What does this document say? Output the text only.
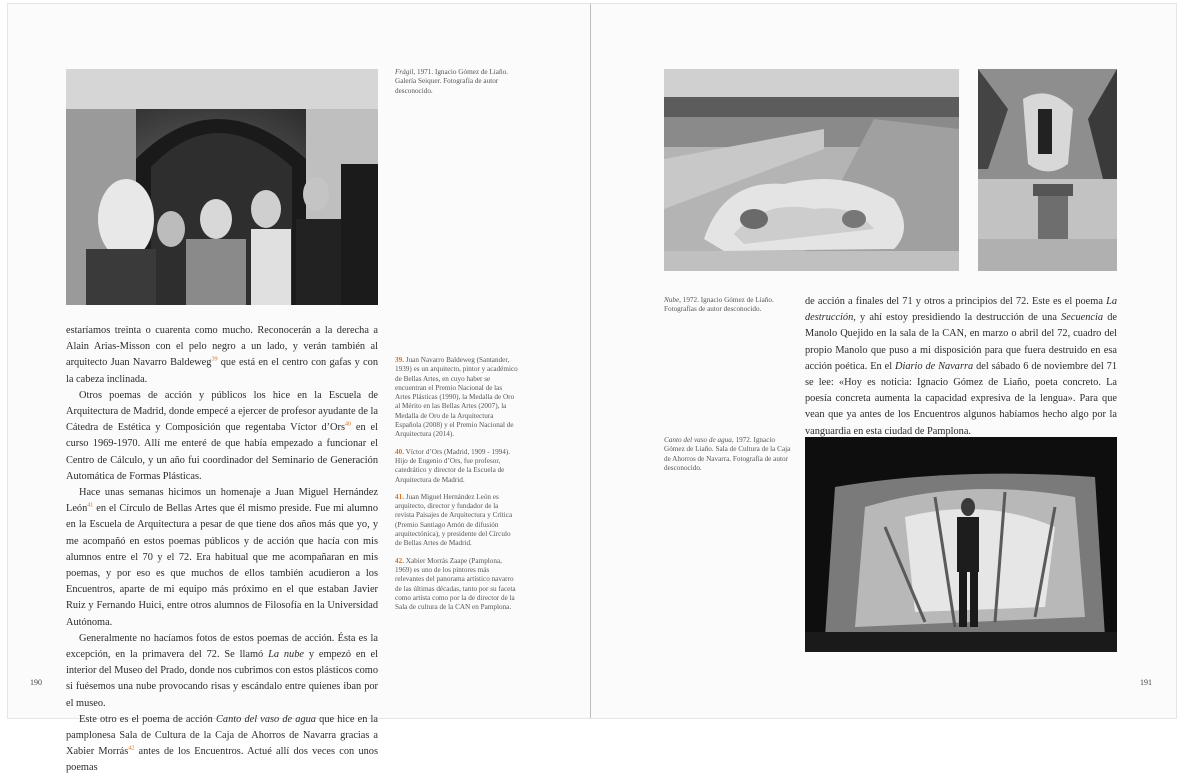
Frágil, 1971. Ignacio Gómez de Liaño. Galería Seiquer. Fotografía de autor desconocido.

estaríamos treinta o cuarenta como mucho. Reconocerán a la derecha a Alain Arias-Misson con el pelo negro a un lado, y verán también al arquitecto Juan Navarro Baldeweg$^{39}$ que está en el centro con gafas y con la cabeza inclinada.

Otros poemas de acción y públicos los hice en la Escuela de Arquitectura de Madrid, donde empecé a ejercer de profesor ayudante de la Cátedra de Estética y Composición que regentaba Víctor d’Ors$^{40}$ en el curso 1969-1970. Allí me enteré de que había empezado a funcionar el Centro de Cálculo, y un año fui coordinador del Seminario de Generación Automática de Formas Plásticas.

Hace unas semanas hicimos un homenaje a Juan Miguel Hernández León$^{41}$ en el Círculo de Bellas Artes que él mismo preside. Fue mi alumno en la Escuela de Arquitectura a pesar de que tiene dos años más que yo, y me acompañó en estos poemas públicos y de acción que hacía con mis alumnos entre el 70 y el 72. Era habitual que me acompañaran en mis poemas, y por eso es que muchos de ellos también acudieron a los Encuentros, aparte de mi equipo más próximo en el que estaban Javier Ruiz y Fernando Huici, entre otros alumnos de Filosofía en la Universidad Autónoma.

Generalmente no hacíamos fotos de estos poemas de acción. Ésta es la excepción, en la primavera del 72. Se llamó La nube y empezó en el interior del Museo del Prado, donde nos cubrimos con estos plásticos como si fuésemos una nube provocando risas y escándalo entre quienes iban por el museo.

Este otro es el poema de acción Canto del vaso de agua que hice en la pamplonesa Sala de Cultura de la Caja de Ahorros de Navarra gracias a Xabier Morrás$^{42}$ antes de los Encuentros. Actué allí dos veces con unos poemas

39. Juan Navarro Baldeweg (Santander, 1939) es un arquitecto, pintor y académico de Bellas Artes, en cuyo haber se encuentran el Premio Nacional de las Artes Plásticas (1990), la Medalla de Oro al Mérito en las Bellas Artes (2007), la Medalla de Oro de la Arquitectura Española (2008) y el Premio Nacional de Arquitectura (2014).

40. Víctor d’Ors (Madrid, 1909 - 1994). Hijo de Eugenio d’Ors, fue profesor, catedrático y director de la Escuela de Arquitectura de Madrid.

41. Juan Miguel Hernández León es arquitecto, director y fundador de la revista Paisajes de Arquitectura y Crítica (Premio Santiago Amón de difusión arquitectónica), y presidente del Círculo de Bellas Artes de Madrid.

42. Xabier Morrás Zaape (Pamplona, 1969) es uno de los pintores más relevantes del panorama artístico navarro de las últimas décadas, tanto por su faceta como artista como por la de director de la Sala de cultura de la CAN en Pamplona.

190
Nube, 1972. Ignacio Gómez de Liaño. Fotografías de autor desconocido.

de acción a finales del 71 y otros a principios del 72. Este es el poema La destrucción, y ahí estoy presidiendo la destrucción de una Secuencia de Manolo Quejido en la sala de la CAN, en marzo o abril del 72, cuadro del propio Manolo que puso a mi disposición para que fuera destruido en esa acción poética. En el Diario de Navarra del sábado 6 de noviembre del 71 se lee: «Hoy es noticia: Ignacio Gómez de Liaño, poeta concreto. La poesía concreta aumenta la capacidad expresiva de la lengua». Para que vean que ya antes de los Encuentros algunos habíamos hecho algo por la vanguardia en esta ciudad de Pamplona.

Canto del vaso de agua, 1972. Ignacio Gómez de Liaño. Sala de Cultura de la Caja de Ahorros de Navarra. Fotografía de autor desconocido.
191
